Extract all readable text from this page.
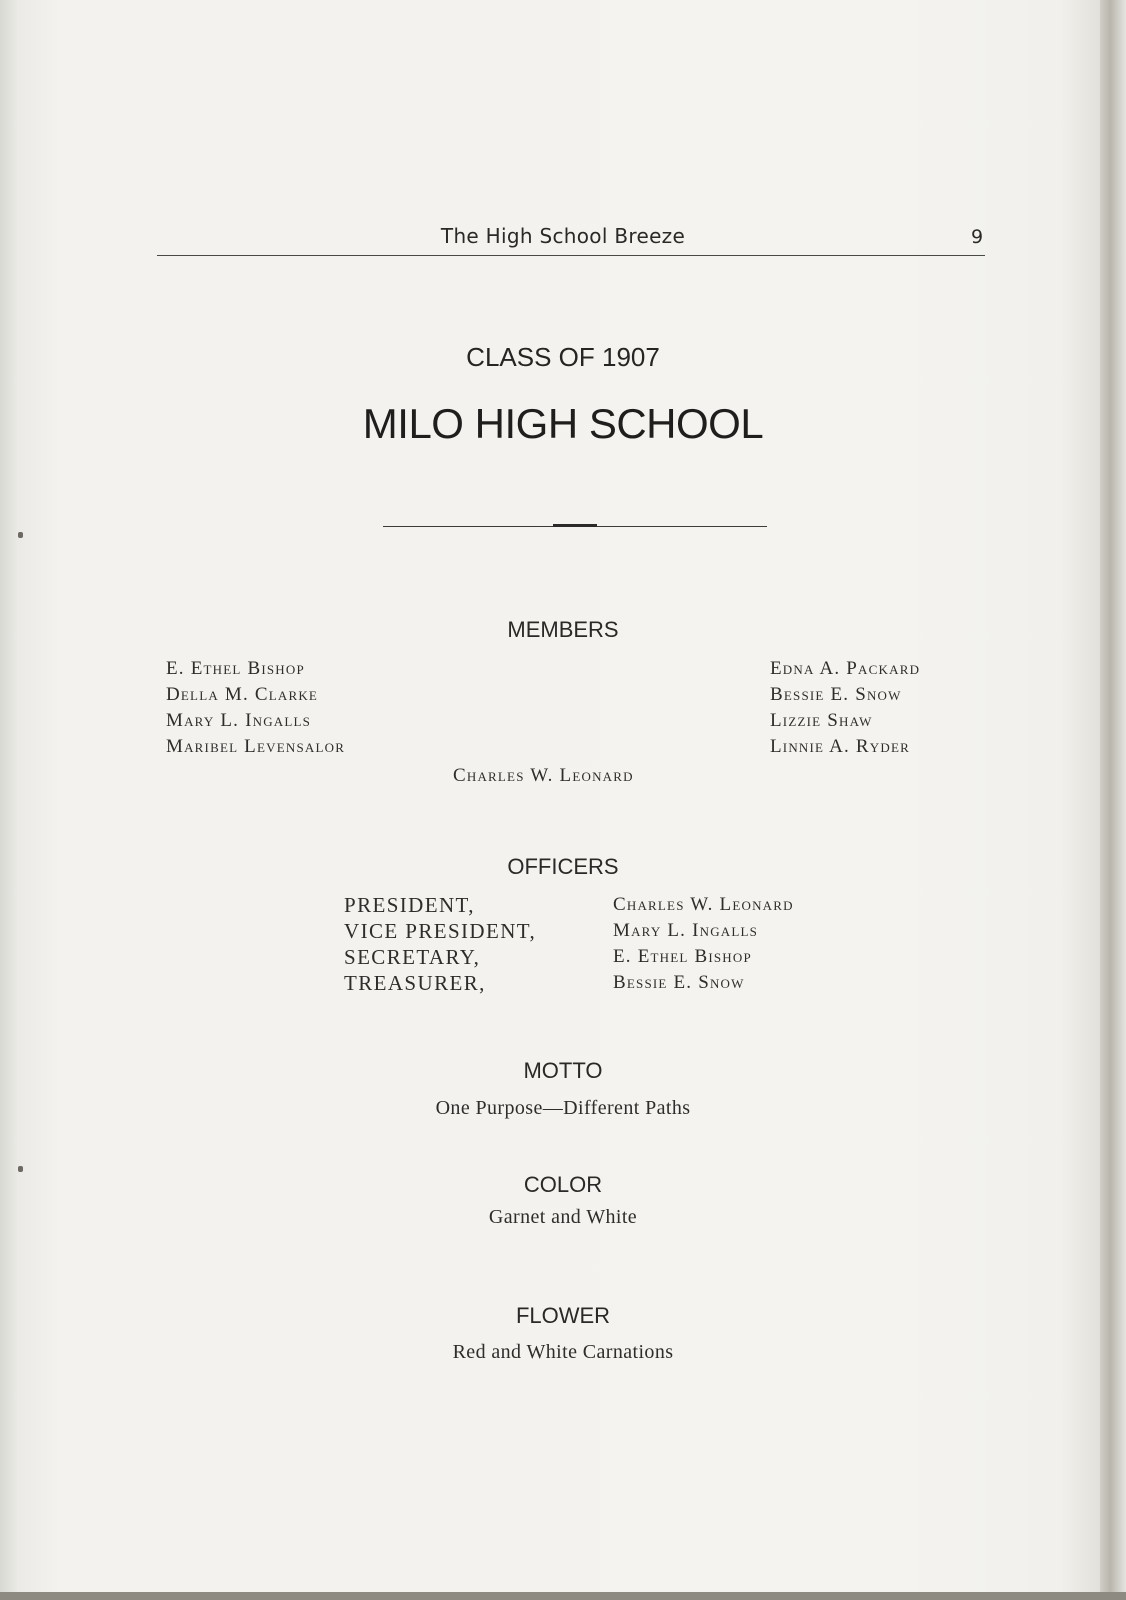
The High School Breeze	9
CLASS OF 1907
MILO HIGH SCHOOL
MEMBERS
E. Ethel Bishop
Della M. Clarke
Mary L. Ingalls
Maribel Levensalor
Edna A. Packard
Bessie E. Snow
Lizzie Shaw
Linnie A. Ryder
Charles W. Leonard
OFFICERS
PRESIDENT,
VICE PRESIDENT,
SECRETARY,
TREASURER,
Charles W. Leonard
Mary L. Ingalls
E. Ethel Bishop
Bessie E. Snow
MOTTO
One Purpose—Different Paths
COLOR
Garnet and White
FLOWER
Red and White Carnations
